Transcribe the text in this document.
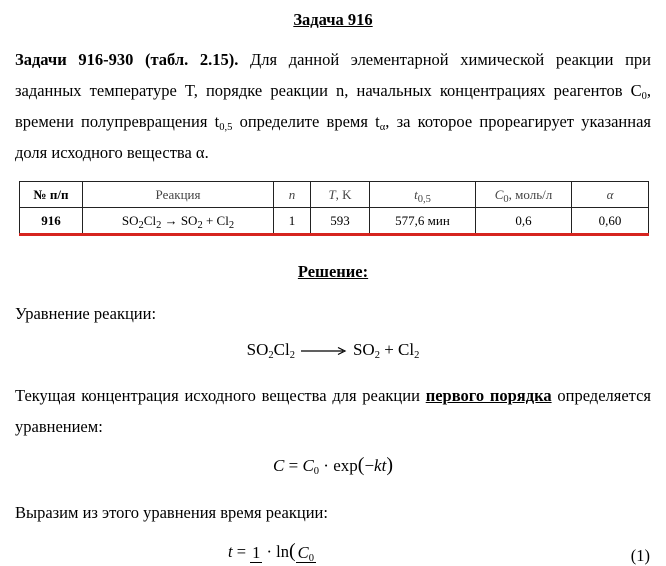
Задача 916
Задачи 916-930 (табл. 2.15). Для данной элементарной химической реакции при заданных температуре T, порядке реакции n, начальных концентрациях реагентов $C_0$, времени полупревращения $t_{0,5}$ определите время $t_\alpha$, за которое прореагирует указанная доля исходного вещества α.
№ п/п	Реакция	n	T, K	$t_{0,5}$	$C_0$, моль/л	α
916	$SO_2Cl_2 \to SO_2 + Cl_2$	1	593	577,6 мин	0,6	0,60
Решение:
Уравнение реакции:
$SO_2Cl_2 \to SO_2 + Cl_2$
Текущая концентрация исходного вещества для реакции первого порядка определяется уравнением:
$C = C_0 \cdot \exp(-kt)$
Выразим из этого уравнения время реакции:
t = 1 · ln( $C_0$	(1)
